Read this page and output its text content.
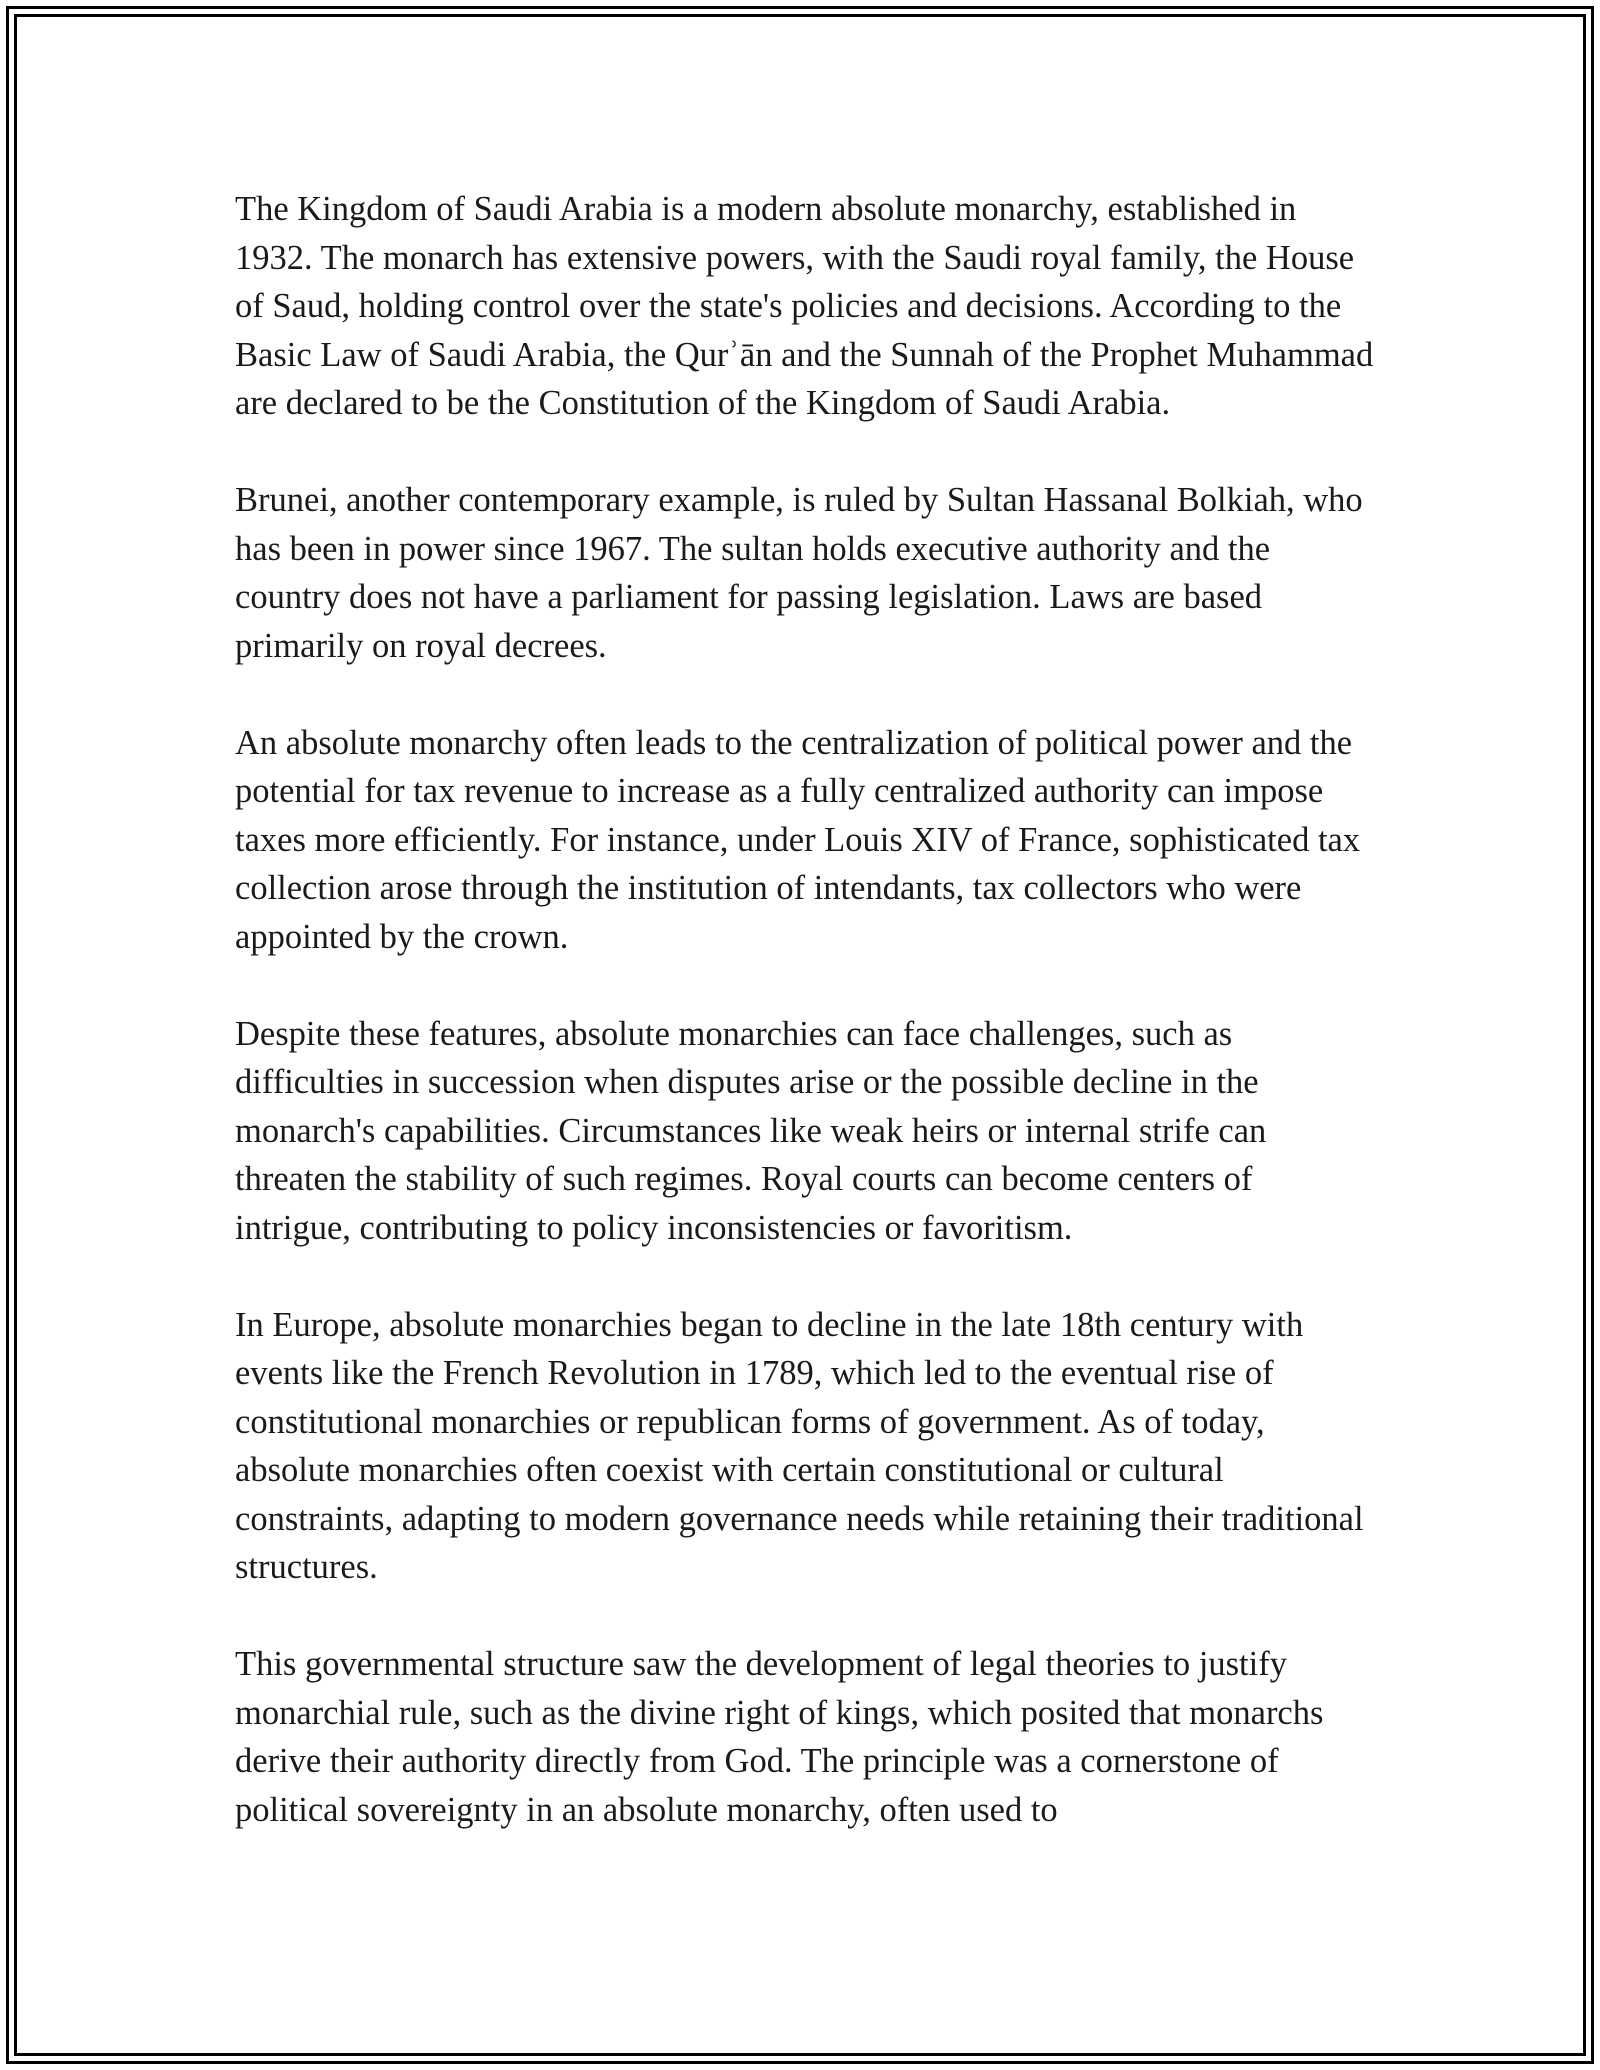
The Kingdom of Saudi Arabia is a modern absolute monarchy, established in 1932. The monarch has extensive powers, with the Saudi royal family, the House of Saud, holding control over the state's policies and decisions. According to the Basic Law of Saudi Arabia, the Qurʾān and the Sunnah of the Prophet Muhammad are declared to be the Constitution of the Kingdom of Saudi Arabia.

Brunei, another contemporary example, is ruled by Sultan Hassanal Bolkiah, who has been in power since 1967. The sultan holds executive authority and the country does not have a parliament for passing legislation. Laws are based primarily on royal decrees.

An absolute monarchy often leads to the centralization of political power and the potential for tax revenue to increase as a fully centralized authority can impose taxes more efficiently. For instance, under Louis XIV of France, sophisticated tax collection arose through the institution of intendants, tax collectors who were appointed by the crown.

Despite these features, absolute monarchies can face challenges, such as difficulties in succession when disputes arise or the possible decline in the monarch's capabilities. Circumstances like weak heirs or internal strife can threaten the stability of such regimes. Royal courts can become centers of intrigue, contributing to policy inconsistencies or favoritism.

In Europe, absolute monarchies began to decline in the late 18th century with events like the French Revolution in 1789, which led to the eventual rise of constitutional monarchies or republican forms of government. As of today, absolute monarchies often coexist with certain constitutional or cultural constraints, adapting to modern governance needs while retaining their traditional structures.

This governmental structure saw the development of legal theories to justify monarchial rule, such as the divine right of kings, which posited that monarchs derive their authority directly from God. The principle was a cornerstone of political sovereignty in an absolute monarchy, often used to
